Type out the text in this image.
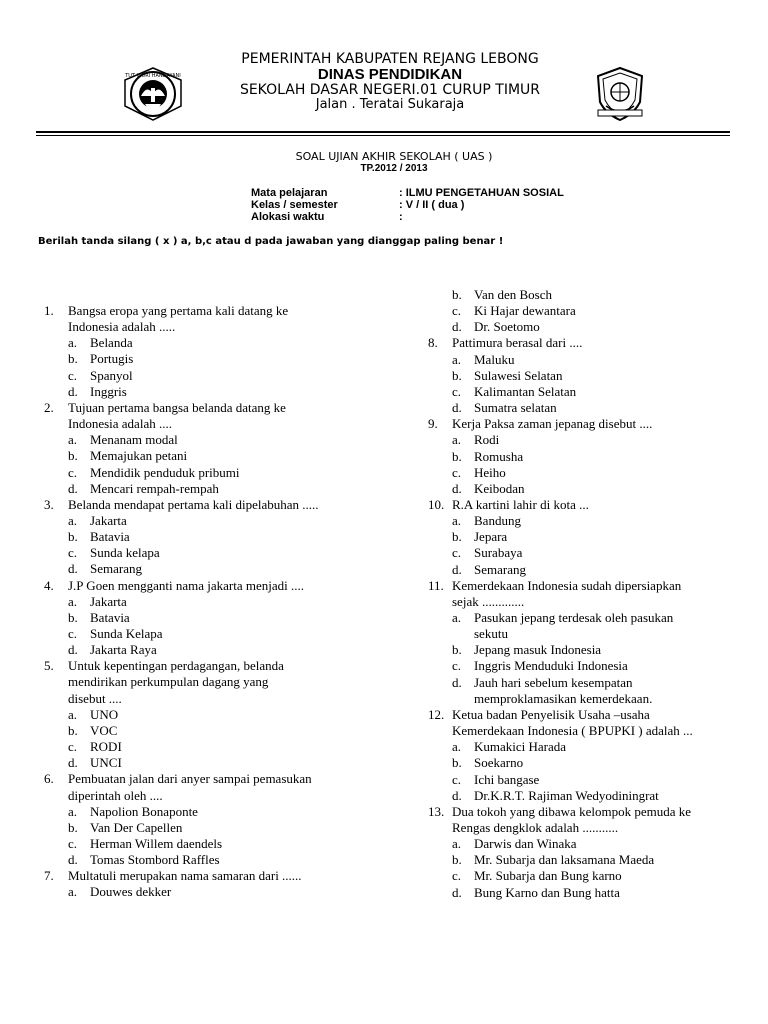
PEMERINTAH KABUPATEN REJANG LEBONG
DINAS PENDIDIKAN
SEKOLAH DASAR NEGERI.01 CURUP TIMUR
Jalan . Teratai Sukaraja
TUT WURI HANDAYANI
SOAL UJIAN AKHIR SEKOLAH ( UAS )
TP.2012 / 2013
Mata pelajaran	: ILMU PENGETAHUAN SOSIAL
Kelas / semester	: V / II ( dua )
Alokasi waktu	:
Berilah tanda silang ( x ) a, b,c atau d pada jawaban yang dianggap paling benar !
1. Bangsa eropa yang pertama kali datang ke
Indonesia adalah .....
a. Belanda
b. Portugis
c. Spanyol
d. Inggris
2. Tujuan pertama bangsa belanda datang ke
Indonesia adalah ....
a. Menanam modal
b. Memajukan petani
c. Mendidik penduduk pribumi
d. Mencari rempah-rempah
3. Belanda mendapat pertama kali dipelabuhan .....
a. Jakarta
b. Batavia
c. Sunda kelapa
d. Semarang
4. J.P Goen mengganti nama jakarta menjadi ....
a. Jakarta
b. Batavia
c. Sunda Kelapa
d. Jakarta Raya
5. Untuk kepentingan perdagangan, belanda
mendirikan perkumpulan dagang yang
disebut ....
a. UNO
b. VOC
c. RODI
d. UNCI
6. Pembuatan jalan dari anyer sampai pemasukan
diperintah oleh ....
a. Napolion Bonaponte
b. Van Der Capellen
c. Herman Willem daendels
d. Tomas Stombord Raffles
7. Multatuli merupakan nama samaran dari ......
a. Douwes dekker
b. Van den Bosch
c. Ki Hajar dewantara
d. Dr. Soetomo
8. Pattimura berasal dari ....
a. Maluku
b. Sulawesi Selatan
c. Kalimantan Selatan
d. Sumatra selatan
9. Kerja Paksa zaman jepanag disebut ....
a. Rodi
b. Romusha
c. Heiho
d. Keibodan
10. R.A kartini lahir di kota ...
a. Bandung
b. Jepara
c. Surabaya
d. Semarang
11. Kemerdekaan Indonesia sudah dipersiapkan
sejak .............
a. Pasukan jepang terdesak oleh pasukan
sekutu
b. Jepang masuk Indonesia
c. Inggris Menduduki Indonesia
d. Jauh hari sebelum kesempatan
memproklamasikan kemerdekaan.
12. Ketua badan Penyelisik Usaha –usaha
Kemerdekaan Indonesia ( BPUPKI ) adalah ...
a. Kumakici Harada
b. Soekarno
c. Ichi bangase
d. Dr.K.R.T. Rajiman Wedyodiningrat
13. Dua tokoh yang dibawa kelompok pemuda ke
Rengas dengklok adalah ...........
a. Darwis dan Winaka
b. Mr. Subarja dan laksamana Maeda
c. Mr. Subarja dan Bung karno
d. Bung Karno dan Bung hatta
